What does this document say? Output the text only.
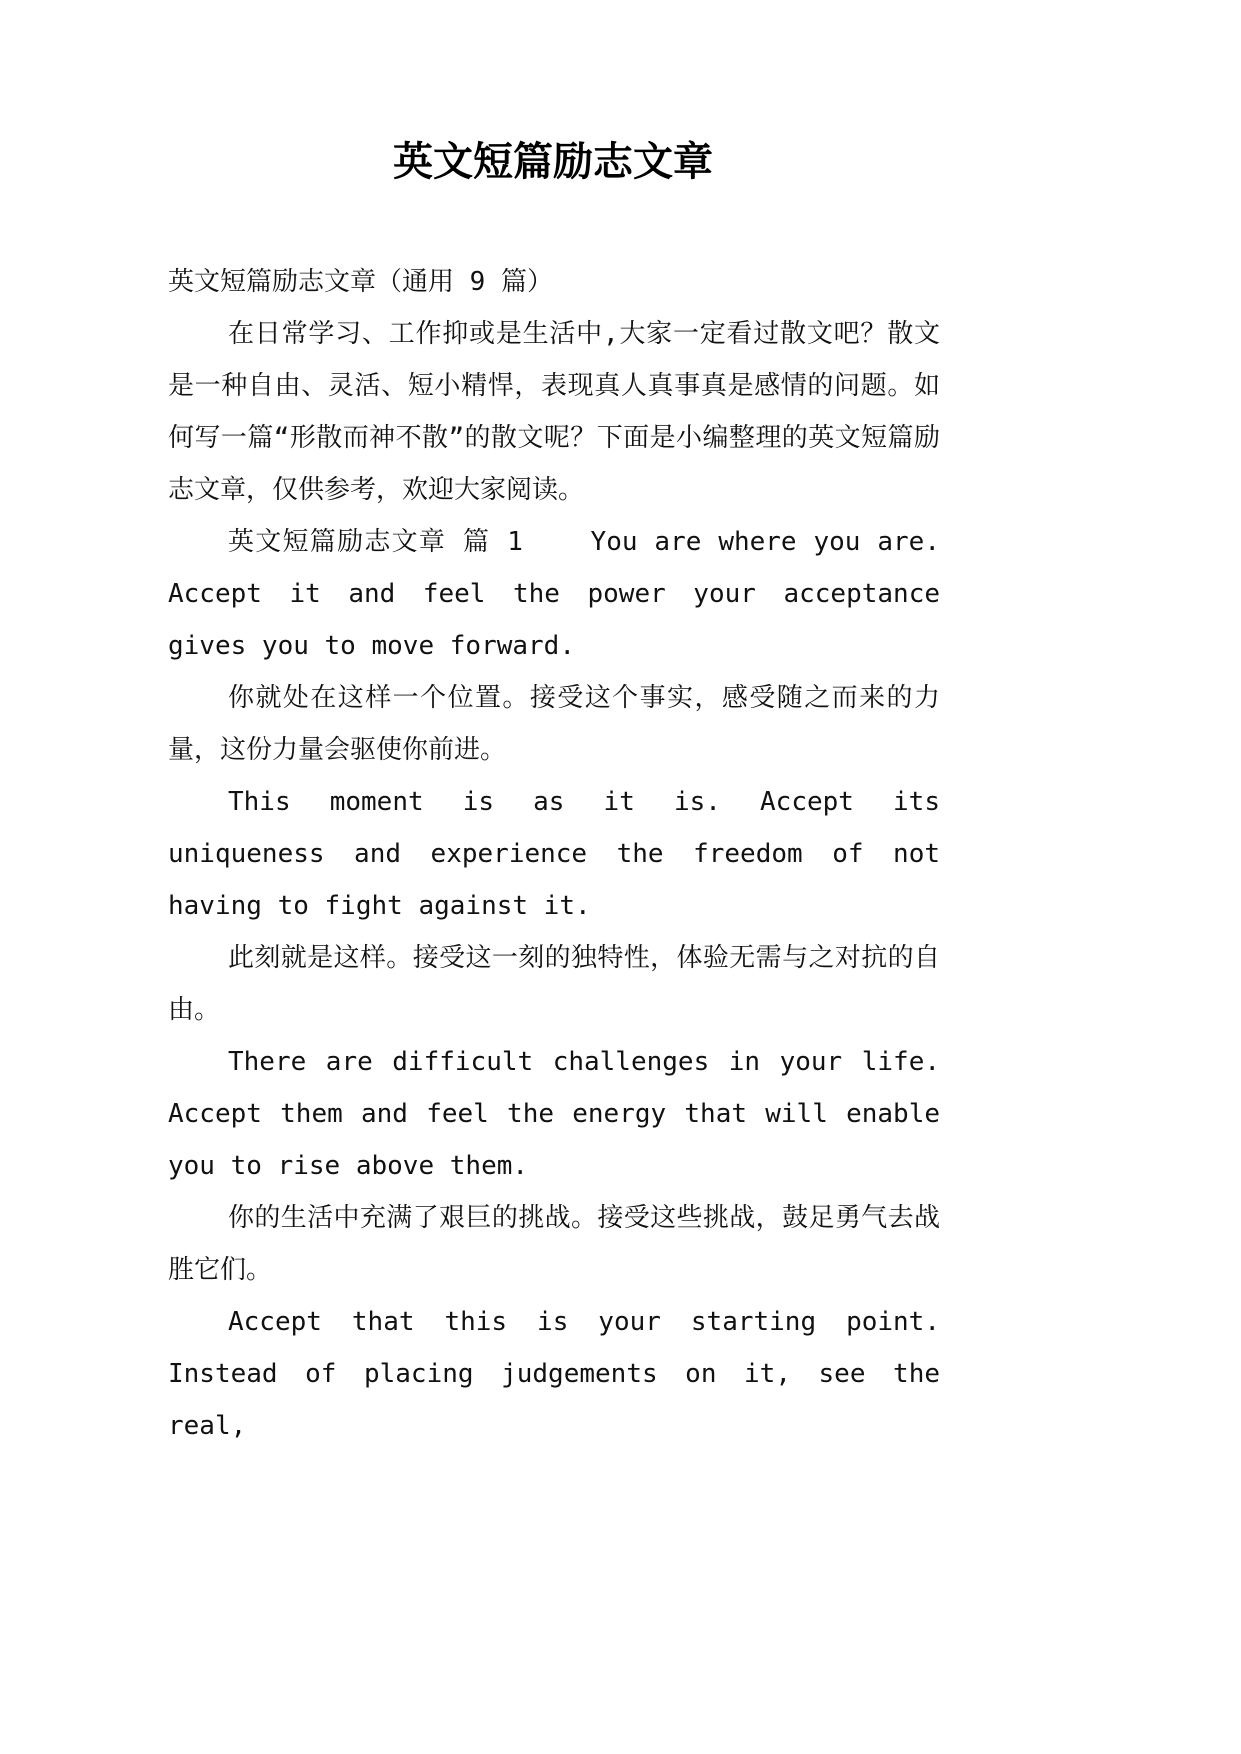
英文短篇励志文章

英文短篇励志文章（通用 9 篇）

在日常学习、工作抑或是生活中,大家一定看过散文吧？散文是一种自由、灵活、短小精悍，表现真人真事真是感情的问题。如何写一篇“形散而神不散”的散文呢？下面是小编整理的英文短篇励志文章，仅供参考，欢迎大家阅读。

英文短篇励志文章 篇 1    You are where you are. Accept it and feel the power your acceptance gives you to move forward.

你就处在这样一个位置。接受这个事实，感受随之而来的力量，这份力量会驱使你前进。

This moment is as it is. Accept its uniqueness and experience the freedom of not having to fight against it.

此刻就是这样。接受这一刻的独特性，体验无需与之对抗的自由。

There are difficult challenges in your life. Accept them and feel the energy that will enable you to rise above them.

你的生活中充满了艰巨的挑战。接受这些挑战，鼓足勇气去战胜它们。

Accept that this is your starting point. Instead of placing judgements on it, see the real,
